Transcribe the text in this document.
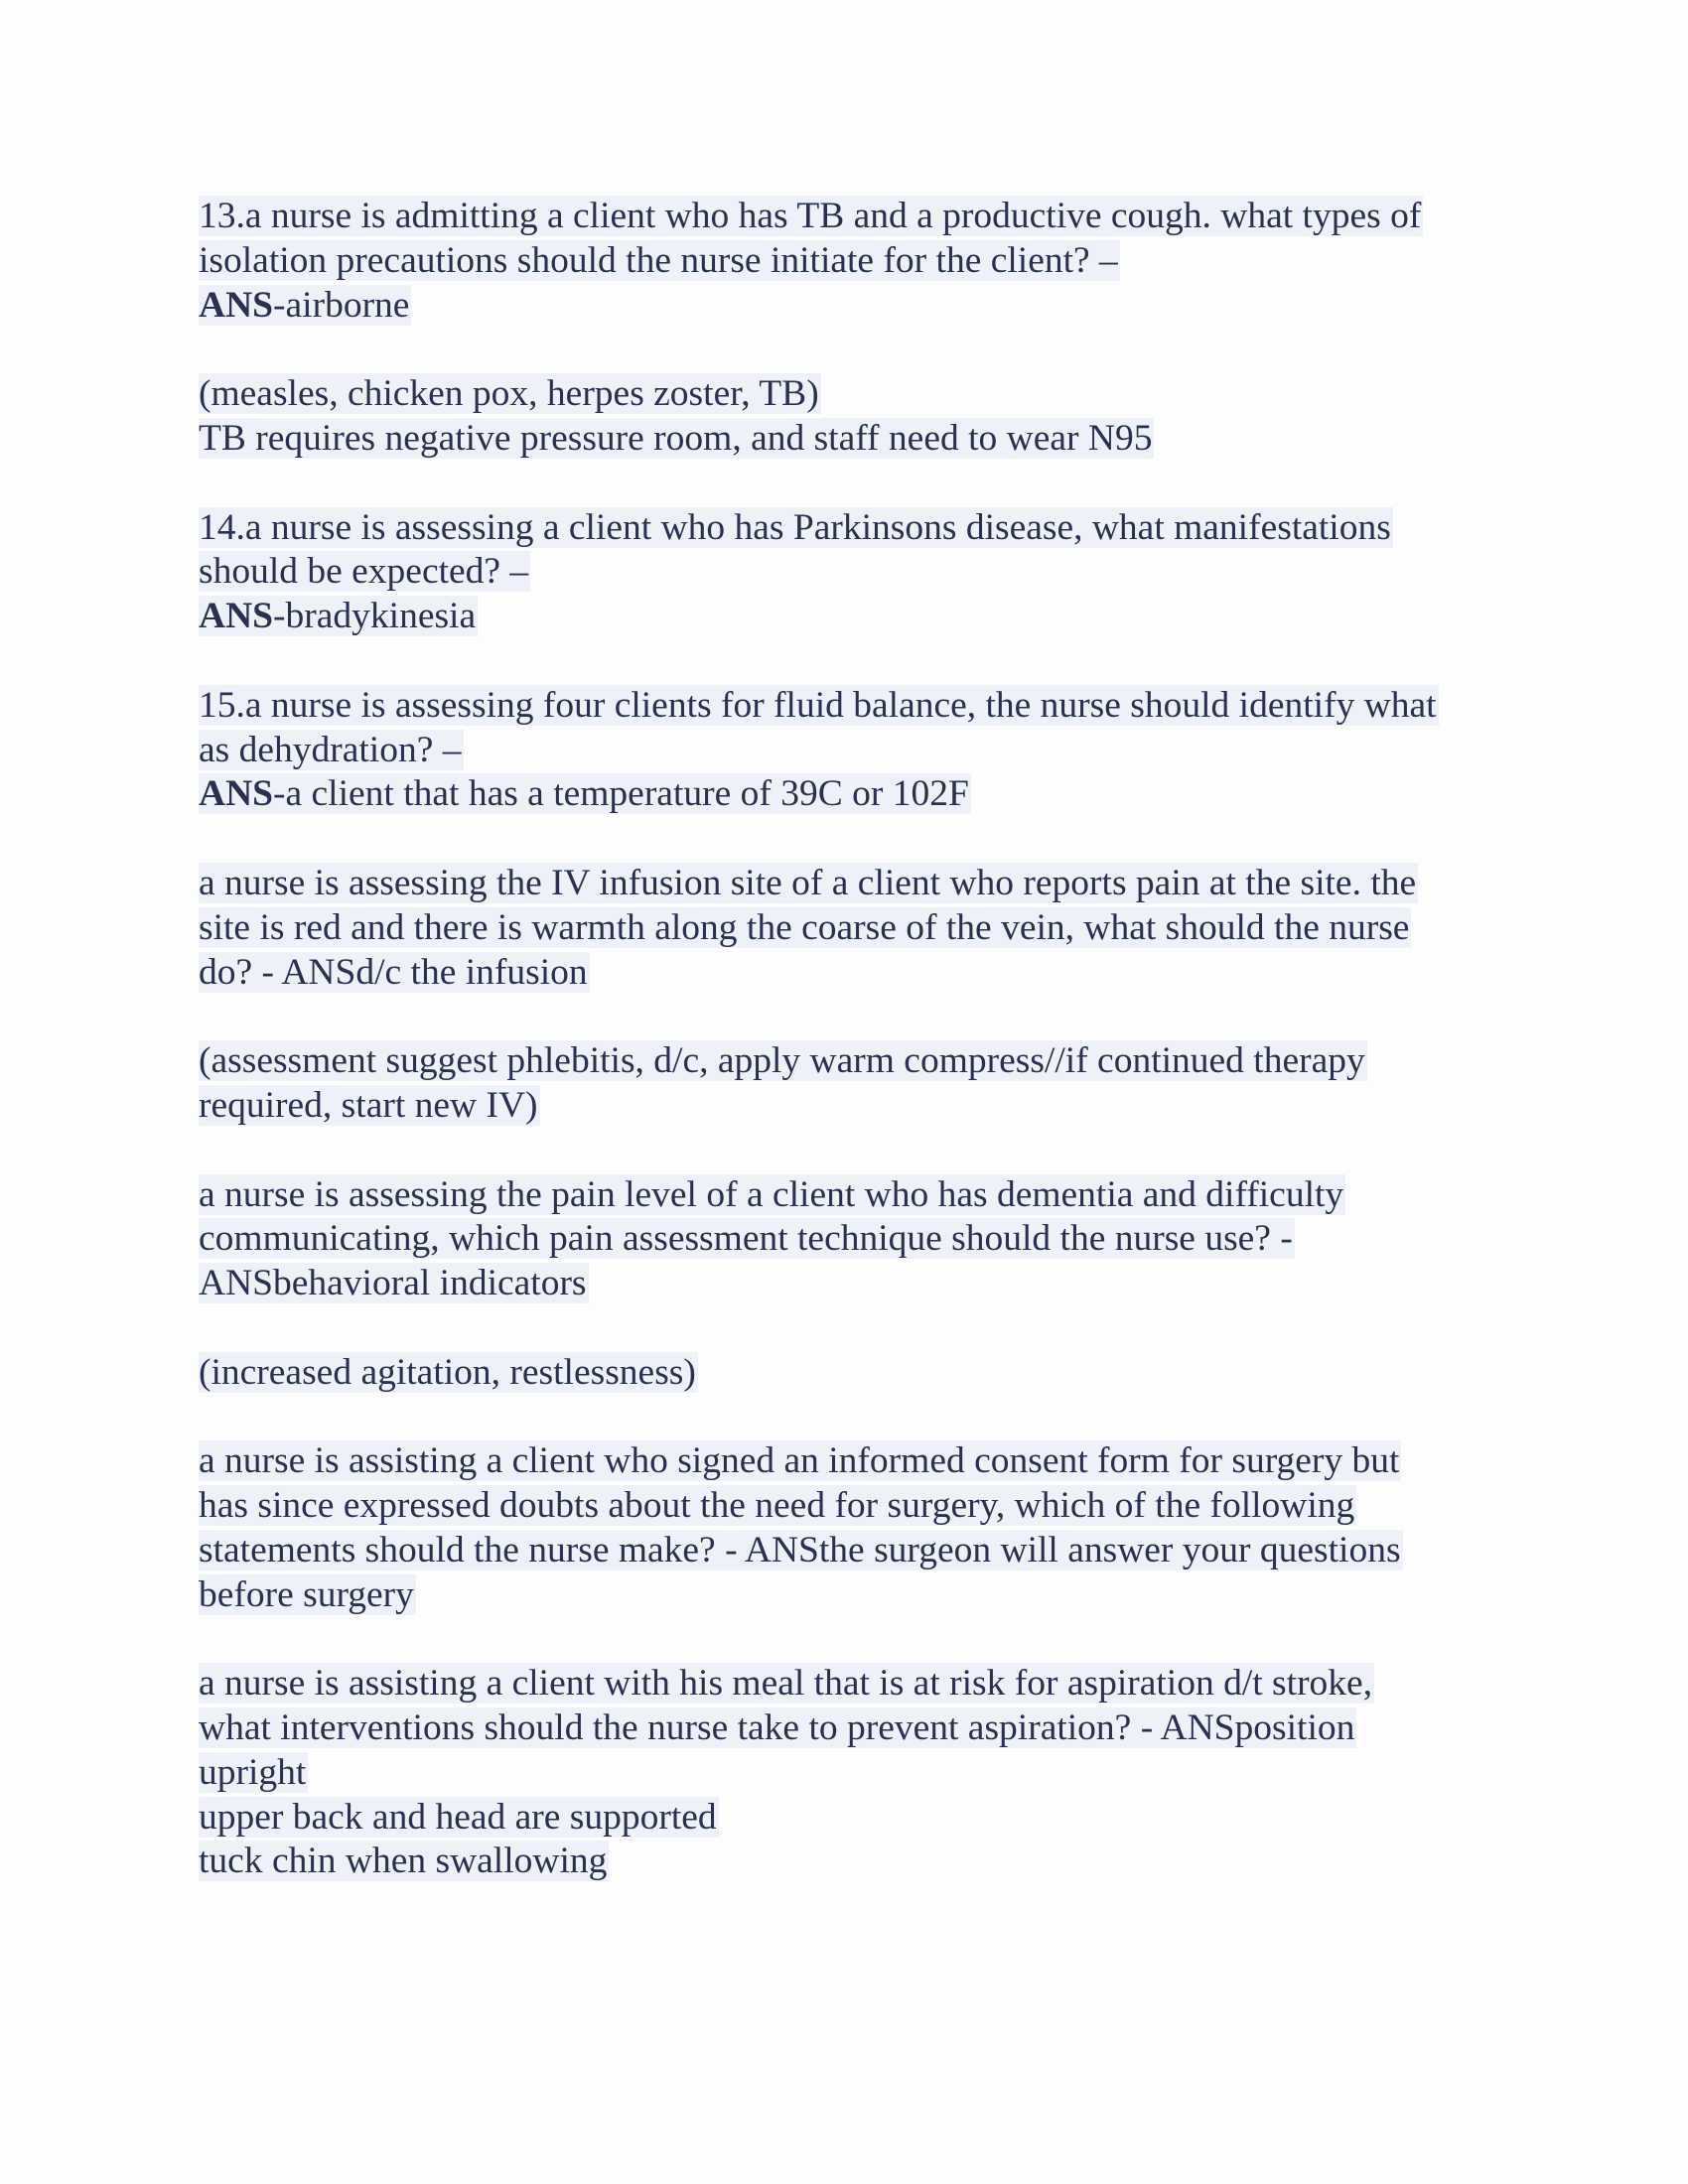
13.a nurse is admitting a client who has TB and a productive cough. what types of
isolation precautions should the nurse initiate for the client? –
ANS-airborne
(measles, chicken pox, herpes zoster, TB)
TB requires negative pressure room, and staff need to wear N95
14.a nurse is assessing a client who has Parkinsons disease, what manifestations
should be expected? –
ANS-bradykinesia
15.a nurse is assessing four clients for fluid balance, the nurse should identify what
as dehydration? –
ANS-a client that has a temperature of 39C or 102F
a nurse is assessing the IV infusion site of a client who reports pain at the site. the
site is red and there is warmth along the coarse of the vein, what should the nurse
do? - ANSd/c the infusion
(assessment suggest phlebitis, d/c, apply warm compress//if continued therapy
required, start new IV)
a nurse is assessing the pain level of a client who has dementia and difficulty
communicating, which pain assessment technique should the nurse use? -
ANSbehavioral indicators
(increased agitation, restlessness)
a nurse is assisting a client who signed an informed consent form for surgery but
has since expressed doubts about the need for surgery, which of the following
statements should the nurse make? - ANSthe surgeon will answer your questions
before surgery
a nurse is assisting a client with his meal that is at risk for aspiration d/t stroke,
what interventions should the nurse take to prevent aspiration? - ANSposition
upright
upper back and head are supported
tuck chin when swallowing
